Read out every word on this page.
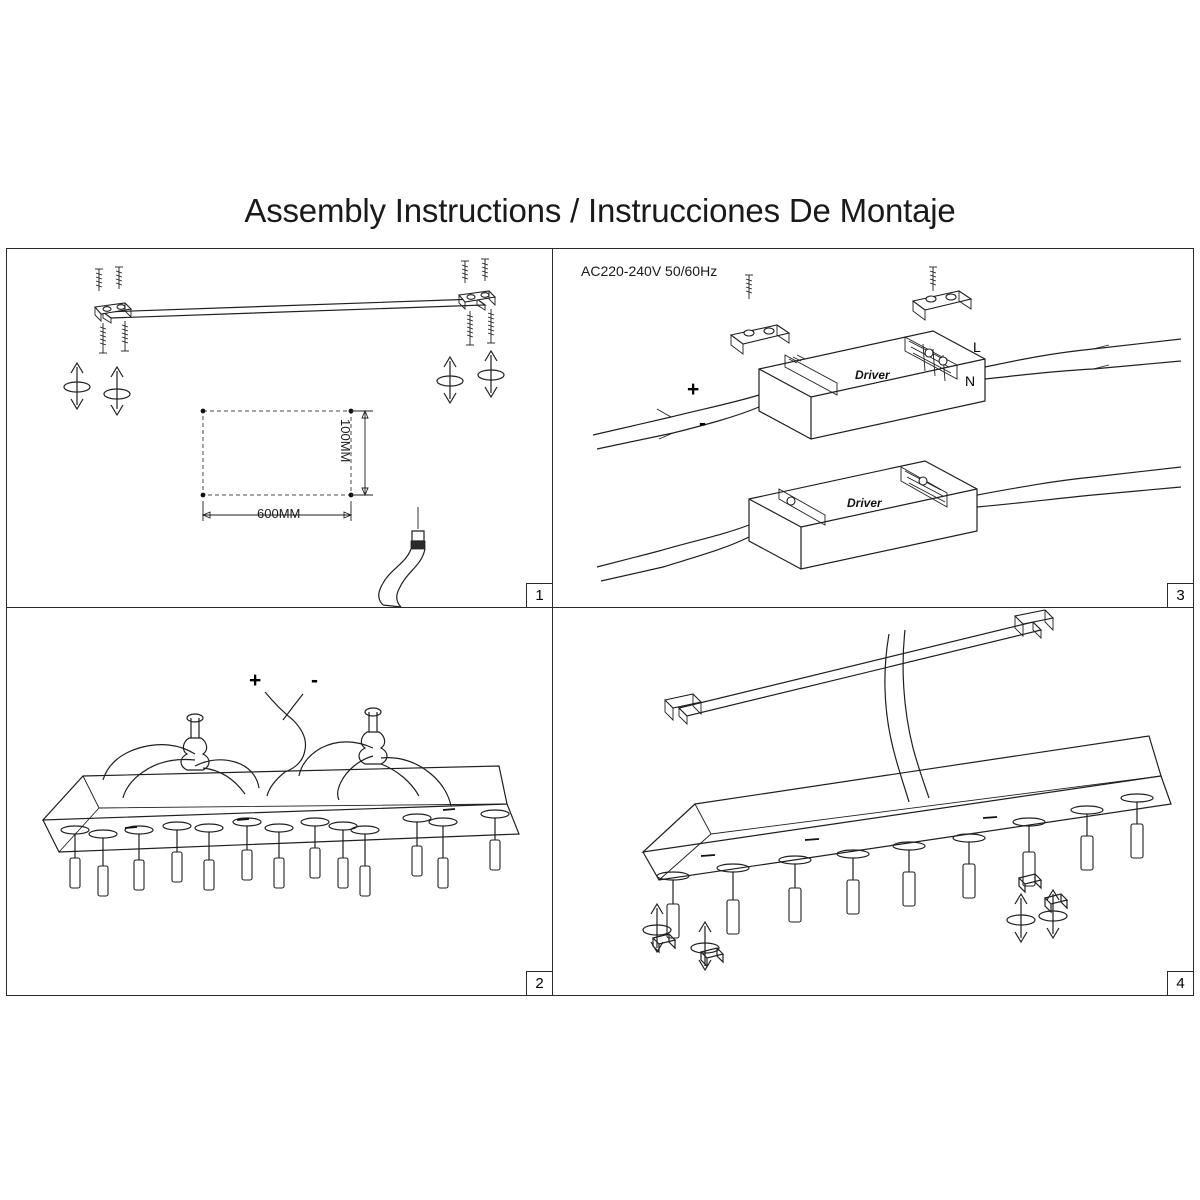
Assembly Instructions / Instrucciones De Montaje
600MM
100MM
1
AC220-240V 50/60Hz
Driver
Driver
L
N
+
-
3
+ -
2	4
